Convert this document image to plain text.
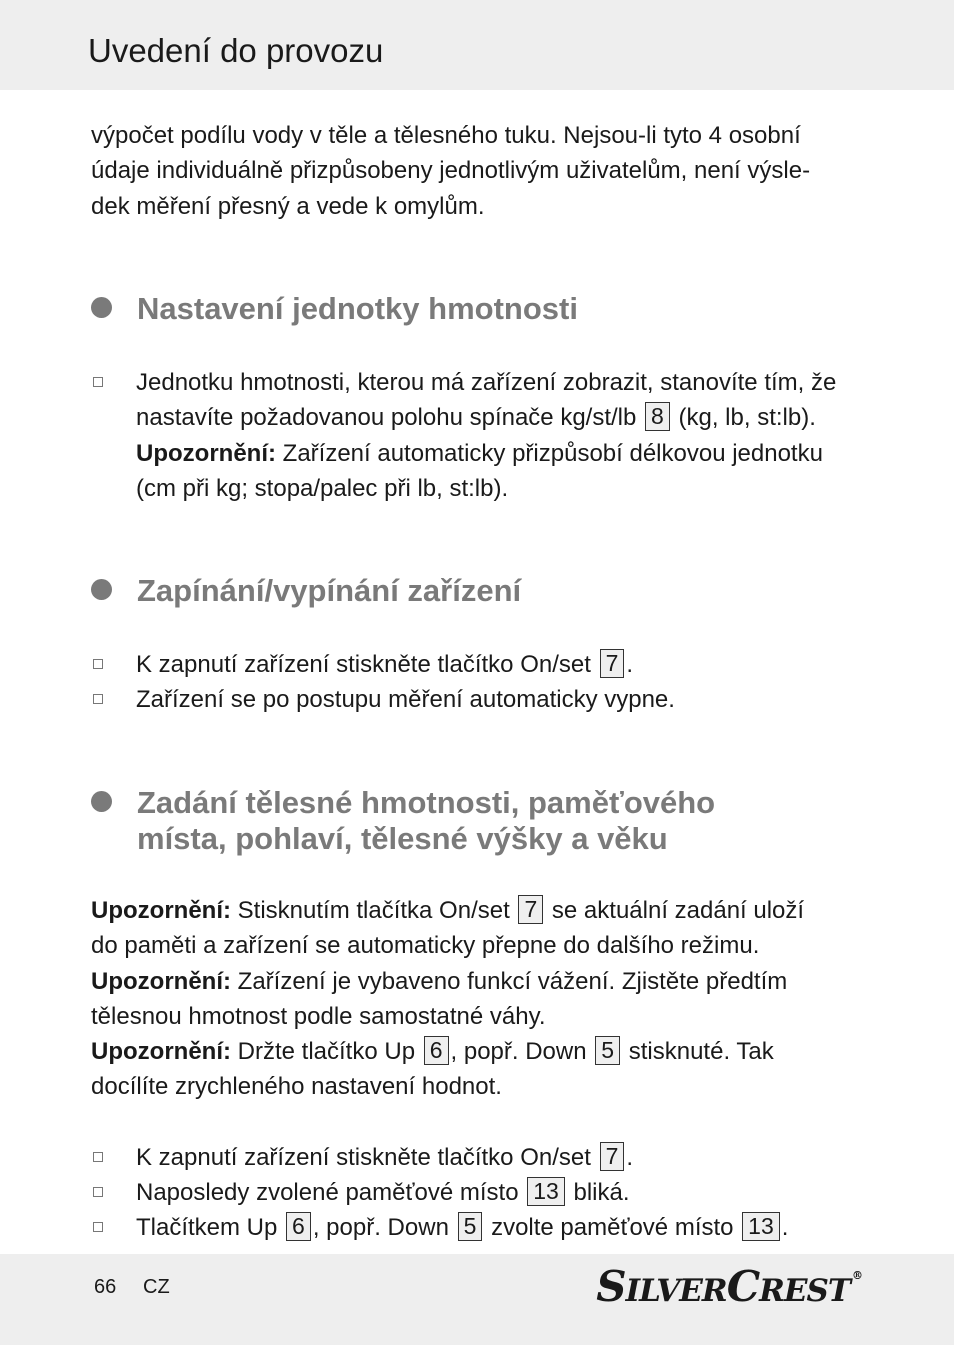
Uvedení do provozu

výpočet podílu vody v těle a tělesného tuku. Nejsou-li tyto 4 osobní
údaje individuálně přizpůsobeny jednotlivým uživatelům, není výsle-
dek měření přesný a vede k omylům.

Nastavení jednotky hmotnosti
Jednotku hmotnosti, kterou má zařízení zobrazit, stanovíte tím, že
nastavíte požadovanou polohu spínače kg/st/lb 8 (kg, lb, st:lb).
Upozornění: Zařízení automaticky přizpůsobí délkovou jednotku
(cm při kg; stopa/palec při lb, st:lb).
Zapínání/vypínání zařízení
K zapnutí zařízení stiskněte tlačítko On/set 7 .
Zařízení se po postupu měření automaticky vypne.
Zadání tělesné hmotnosti, paměťového
místa, pohlaví, tělesné výšky a věku

Upozornění: Stisknutím tlačítka On/set 7 se aktuální zadání uloží
do paměti a zařízení se automaticky přepne do dalšího režimu.
Upozornění: Zařízení je vybaveno funkcí vážení. Zjistěte předtím
tělesnou hmotnost podle samostatné váhy.
Upozornění: Držte tlačítko Up 6 , popř. Down 5 stisknuté. Tak
docílíte zrychleného nastavení hodnot.

K zapnutí zařízení stiskněte tlačítko On/set 7 .
Naposledy zvolené paměťové místo 13 bliká.
Tlačítkem Up 6 , popř. Down 5 zvolte paměťové místo 13 .
66 CZ	SILVERCREST ®
